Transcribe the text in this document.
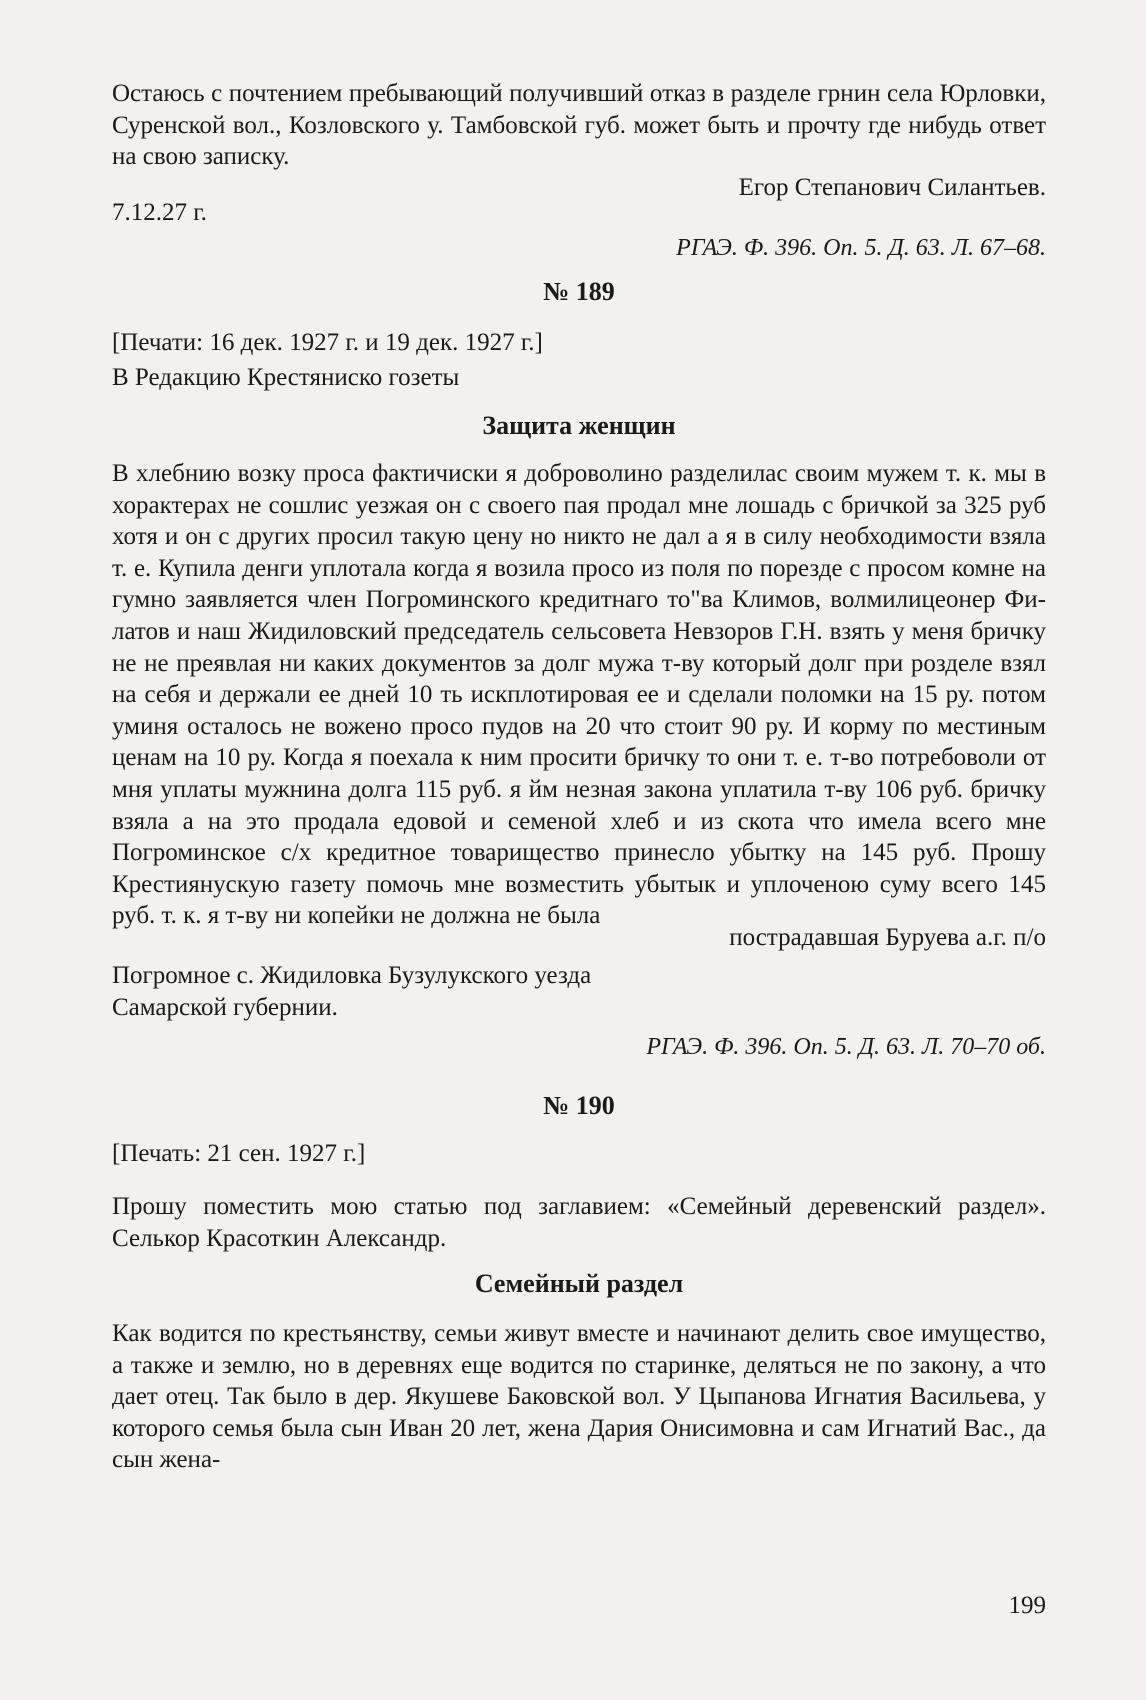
Остаюсь с почтением пребывающий получивший отказ в разделе грнин села Юрловки, Суренской вол., Козловского у. Тамбовской губ. может быть и прочту где нибудь ответ на свою записку.
Егор Степанович Силантьев.
7.12.27 г.
РГАЭ. Ф. 396. Оп. 5. Д. 63. Л. 67–68.
№ 189
[Печати: 16 дек. 1927 г. и 19 дек. 1927 г.]
В Редакцию Крестяниско гозеты
Защита женщин
В хлебнию возку проса фактичиски я доброволино разделилас своим мужем т. к. мы в хорактерах не сошлис уезжая он с своего пая продал мне лошадь с бричкой за 325 руб хотя и он с других просил такую цену но никто не дал а я в силу необходимости взяла т. е. Купила денги уплотала когда я возила просо из поля по порезде с просом комне на гумно заявляется член Погроминского кредитнаго то"ва Климов, волмилицеонер Филатов и наш Жидиловский председатель сельсовета Невзоров Г.Н. взять у меня бричку не не преявлая ни каких документов за долг мужа т-ву который долг при розделе взял на себя и держали ее дней 10 ть искплотировая ее и сделали поломки на 15 ру. потом уминя осталось не вожено просо пудов на 20 что стоит 90 ру. И корму по местиным ценам на 10 ру. Когда я поехала к ним просити бричку то они т. е. т-во потребоволи от мня уплаты мужнина долга 115 руб. я йм незная закона уплатила т-ву 106 руб. бричку взяла а на это продала едовой и семеной хлеб и из скота что имела всего мне Погроминское с/х кредитное товарищество принесло убытку на 145 руб. Прошу Крестиянускую газету помочь мне возместить убытык и уплоченою суму всего 145 руб. т. к. я т-ву ни копейки не должна не была
пострадавшая Буруева а.г. п/о
Погромное с. Жидиловка Бузулукского уезда
Самарской губернии.
РГАЭ. Ф. 396. Оп. 5. Д. 63. Л. 70–70 об.
№ 190
[Печать: 21 сен. 1927 г.]
Прошу поместить мою статью под заглавием: «Семейный деревенский раздел». Селькор Красоткин Александр.
Семейный раздел
Как водится по крестьянству, семьи живут вместе и начинают делить свое имущество, а также и землю, но в деревнях еще водится по старинке, деляться не по закону, а что дает отец. Так было в дер. Якушеве Баковской вол. У Цыпанова Игнатия Васильева, у которого семья была сын Иван 20 лет, жена Дария Онисимовна и сам Игнатий Вас., да сын жена-
199
